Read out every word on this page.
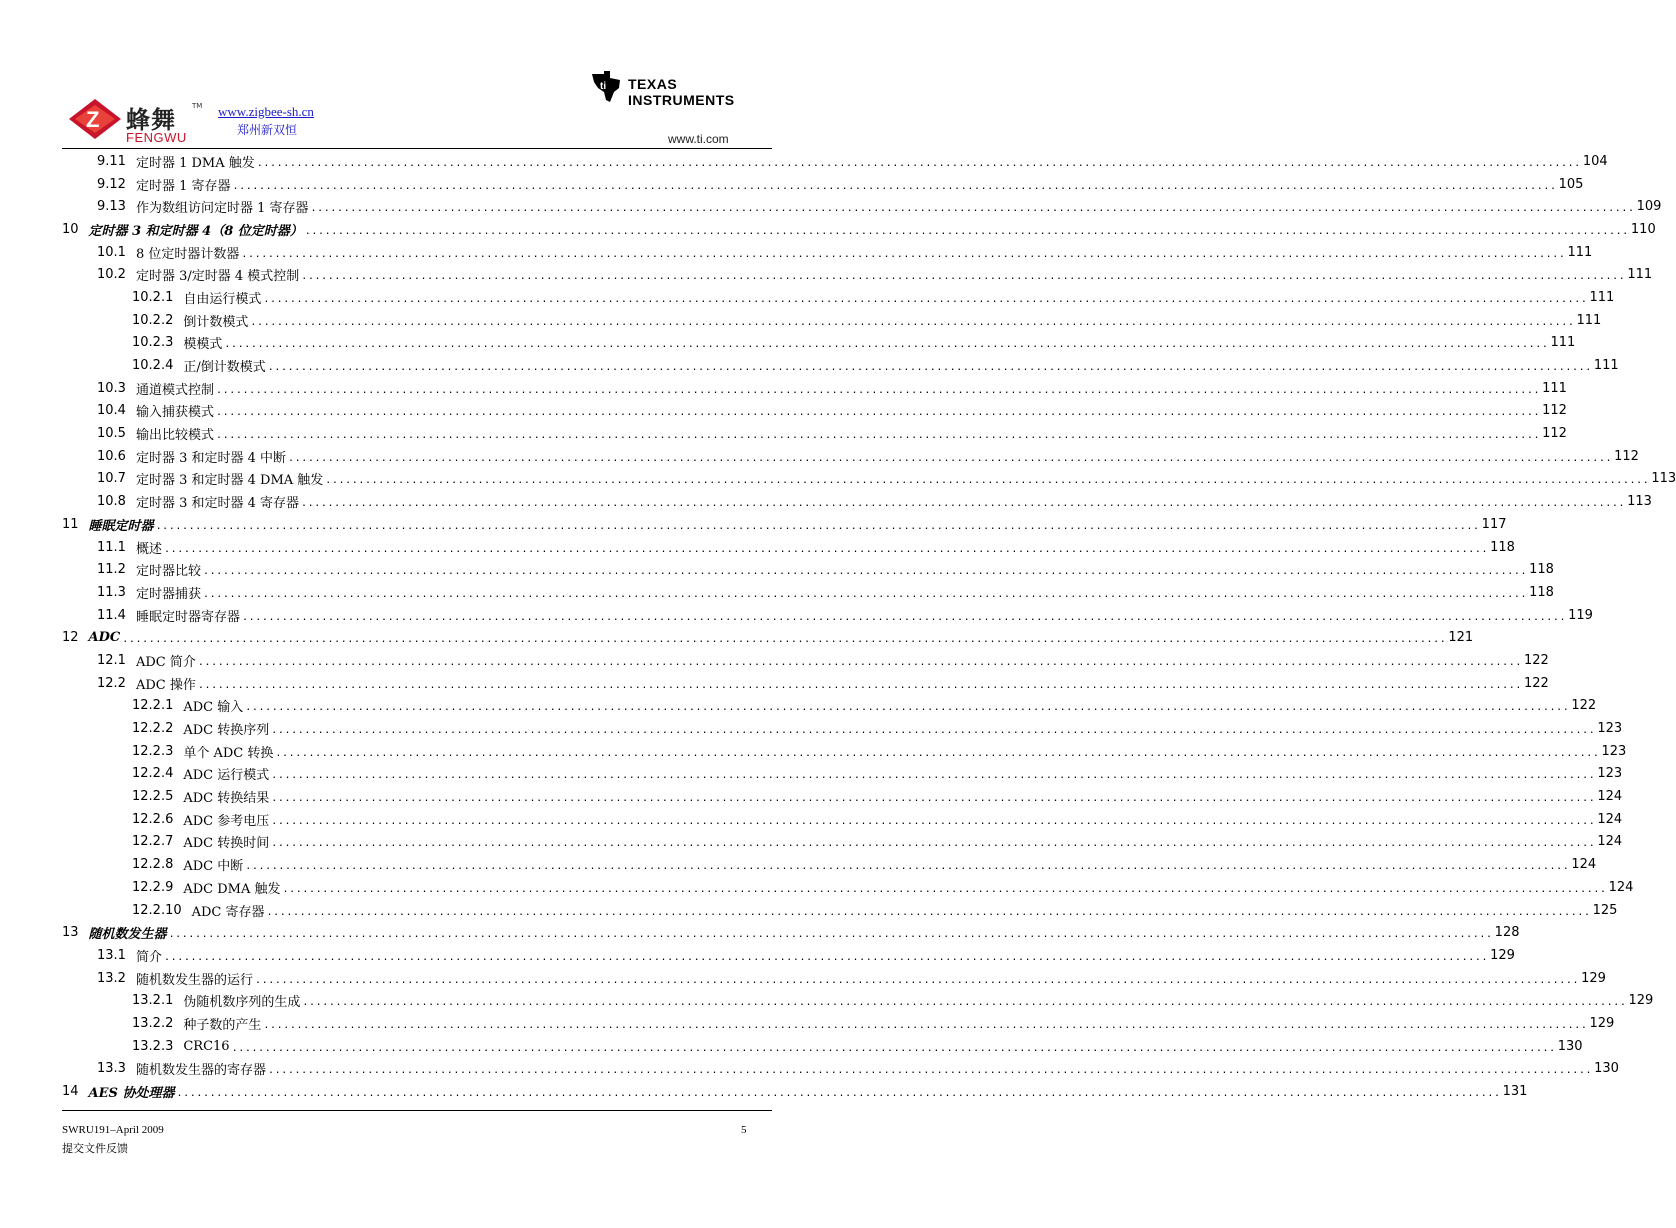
Z 蜂舞 TM
FENGWU
www.zigbee-sh.cn
郑州新双恒
ti TEXAS
INSTRUMENTS
www.ti.com
9.11 定时器 1 DMA 触发 ........................................................................................................................................................................................................ 104
9.12 定时器 1 寄存器 ........................................................................................................................................................................................................ 105
9.13 作为数组访问定时器 1 寄存器 ........................................................................................................................................................................................................ 109
10 定时器 3 和定时器 4（8 位定时器） ........................................................................................................................................................................................................ 110
10.1 8 位定时器计数器 ........................................................................................................................................................................................................ 111
10.2 定时器 3/定时器 4 模式控制 ........................................................................................................................................................................................................ 111
10.2.1 自由运行模式 ........................................................................................................................................................................................................ 111
10.2.2 倒计数模式 ........................................................................................................................................................................................................ 111
10.2.3 模模式 ........................................................................................................................................................................................................ 111
10.2.4 正/倒计数模式 ........................................................................................................................................................................................................ 111
10.3 通道模式控制 ........................................................................................................................................................................................................ 111
10.4 输入捕获模式 ........................................................................................................................................................................................................ 112
10.5 输出比较模式 ........................................................................................................................................................................................................ 112
10.6 定时器 3 和定时器 4 中断 ........................................................................................................................................................................................................ 112
10.7 定时器 3 和定时器 4 DMA 触发 ........................................................................................................................................................................................................ 113
10.8 定时器 3 和定时器 4 寄存器 ........................................................................................................................................................................................................ 113
11 睡眠定时器 ........................................................................................................................................................................................................ 117
11.1 概述 ........................................................................................................................................................................................................ 118
11.2 定时器比较 ........................................................................................................................................................................................................ 118
11.3 定时器捕获 ........................................................................................................................................................................................................ 118
11.4 睡眠定时器寄存器 ........................................................................................................................................................................................................ 119
12 ADC ........................................................................................................................................................................................................ 121
12.1 ADC 简介 ........................................................................................................................................................................................................ 122
12.2 ADC 操作 ........................................................................................................................................................................................................ 122
12.2.1 ADC 输入 ........................................................................................................................................................................................................ 122
12.2.2 ADC 转换序列 ........................................................................................................................................................................................................ 123
12.2.3 单个 ADC 转换 ........................................................................................................................................................................................................ 123
12.2.4 ADC 运行模式 ........................................................................................................................................................................................................ 123
12.2.5 ADC 转换结果 ........................................................................................................................................................................................................ 124
12.2.6 ADC 参考电压 ........................................................................................................................................................................................................ 124
12.2.7 ADC 转换时间 ........................................................................................................................................................................................................ 124
12.2.8 ADC 中断 ........................................................................................................................................................................................................ 124
12.2.9 ADC DMA 触发 ........................................................................................................................................................................................................ 124
12.2.10 ADC 寄存器 ........................................................................................................................................................................................................ 125
13 随机数发生器 ........................................................................................................................................................................................................ 128
13.1 简介 ........................................................................................................................................................................................................ 129
13.2 随机数发生器的运行 ........................................................................................................................................................................................................ 129
13.2.1 伪随机数序列的生成 ........................................................................................................................................................................................................ 129
13.2.2 种子数的产生 ........................................................................................................................................................................................................ 129
13.2.3 CRC16 ........................................................................................................................................................................................................ 130
13.3 随机数发生器的寄存器 ........................................................................................................................................................................................................ 130
14 AES 协处理器 ........................................................................................................................................................................................................ 131
SWRU191–April 2009
提交文件反馈
5
